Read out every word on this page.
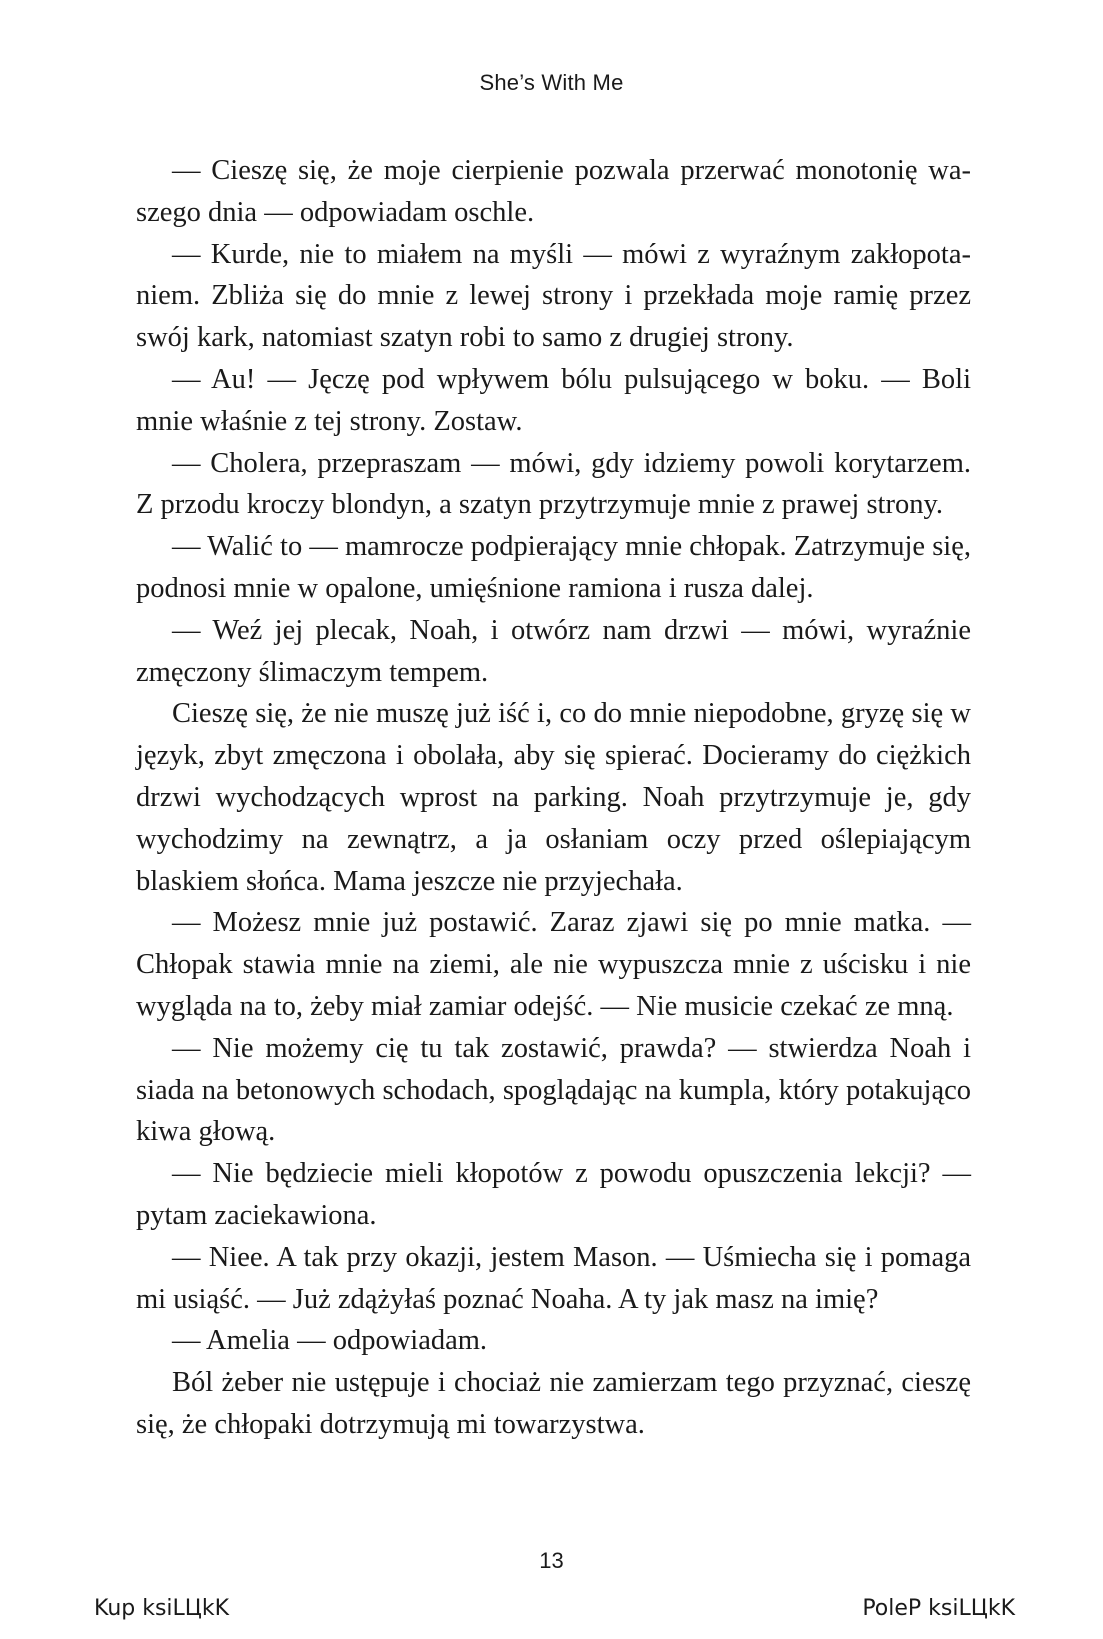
She’s With Me

— Cieszę się, że moje cierpienie pozwala przerwać monotonię waszego dnia — odpowiadam oschle.

— Kurde, nie to miałem na myśli — mówi z wyraźnym zakłopotaniem. Zbliża się do mnie z lewej strony i przekłada moje ramię przez swój kark, natomiast szatyn robi to samo z drugiej strony.

— Au! — Jęczę pod wpływem bólu pulsującego w boku. — Boli mnie właśnie z tej strony. Zostaw.

— Cholera, przepraszam — mówi, gdy idziemy powoli korytarzem. Z przodu kroczy blondyn, a szatyn przytrzymuje mnie z prawej strony.

— Walić to — mamrocze podpierający mnie chłopak. Zatrzymuje się, podnosi mnie w opalone, umięśnione ramiona i rusza dalej.

— Weź jej plecak, Noah, i otwórz nam drzwi — mówi, wyraźnie zmęczony ślimaczym tempem.

Cieszę się, że nie muszę już iść i, co do mnie niepodobne, gryzę się w język, zbyt zmęczona i obolała, aby się spierać. Docieramy do ciężkich drzwi wychodzących wprost na parking. Noah przytrzymuje je, gdy wychodzimy na zewnątrz, a ja osłaniam oczy przed oślepiającym blaskiem słońca. Mama jeszcze nie przyjechała.

— Możesz mnie już postawić. Zaraz zjawi się po mnie matka. — Chłopak stawia mnie na ziemi, ale nie wypuszcza mnie z uścisku i nie wygląda na to, żeby miał zamiar odejść. — Nie musicie czekać ze mną.

— Nie możemy cię tu tak zostawić, prawda? — stwierdza Noah i siada na betonowych schodach, spoglądając na kumpla, który potakująco kiwa głową.

— Nie będziecie mieli kłopotów z powodu opuszczenia lekcji? — pytam zaciekawiona.

— Niee. A tak przy okazji, jestem Mason. — Uśmiecha się i pomaga mi usiąść. — Już zdążyłaś poznać Noaha. A ty jak masz na imię?

— Amelia — odpowiadam.

Ból żeber nie ustępuje i chociaż nie zamierzam tego przyznać, cieszę się, że chłopaki dotrzymują mi towarzystwa.

13
Kup ksiLЦkK	PoleP ksiLЦkK
